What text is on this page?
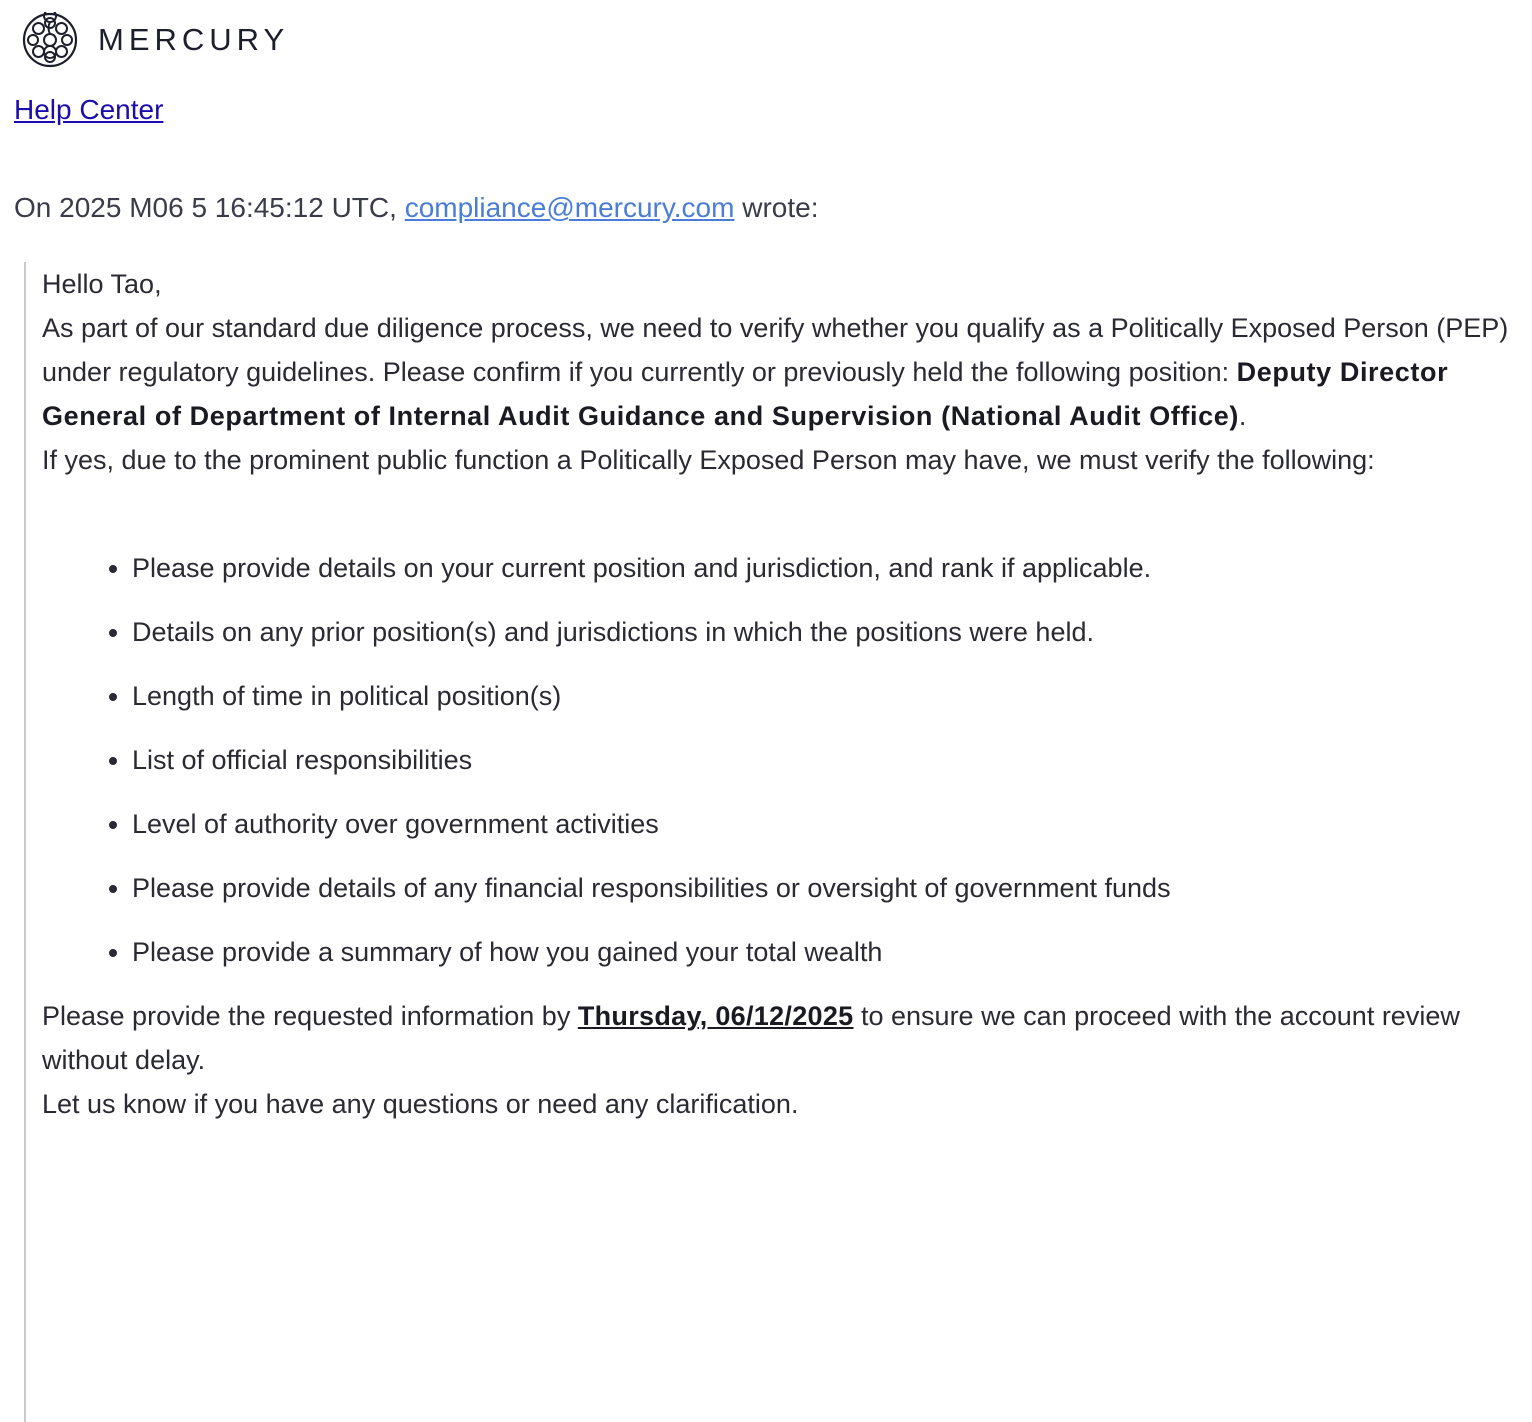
MERCURY
Help Center
On 2025 M06 5 16:45:12 UTC, compliance@mercury.com wrote:

Hello Tao,

As part of our standard due diligence process, we need to verify whether you qualify as a Politically Exposed Person (PEP) under regulatory guidelines. Please confirm if you currently or previously held the following position: Deputy Director General of Department of Internal Audit Guidance and Supervision (National Audit Office).

If yes, due to the prominent public function a Politically Exposed Person may have, we must verify the following:

• Please provide details on your current position and jurisdiction, and rank if applicable.
• Details on any prior position(s) and jurisdictions in which the positions were held.
• Length of time in political position(s)
• List of official responsibilities
• Level of authority over government activities
• Please provide details of any financial responsibilities or oversight of government funds
• Please provide a summary of how you gained your total wealth

Please provide the requested information by Thursday, 06/12/2025 to ensure we can proceed with the account review without delay.

Let us know if you have any questions or need any clarification.
